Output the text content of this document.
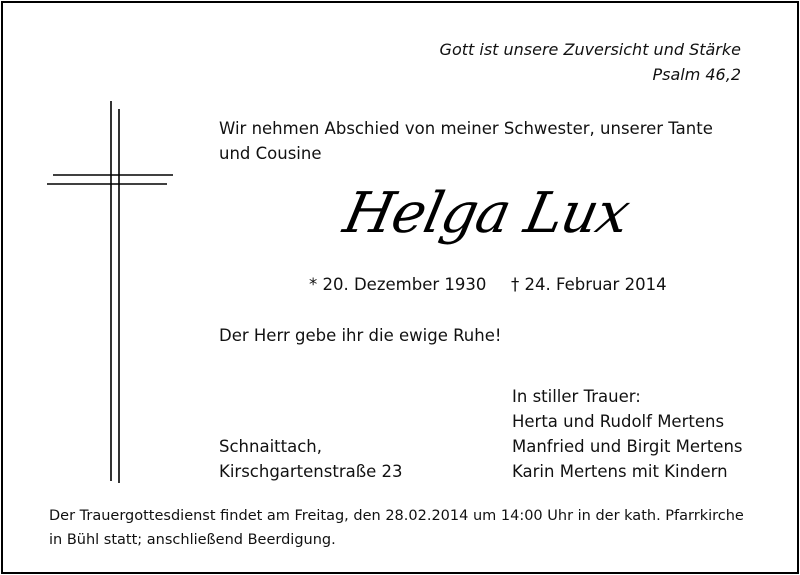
Gott ist unsere Zuversicht und Stärke
Psalm 46,2
Wir nehmen Abschied von meiner Schwester, unserer Tante
und Cousine
Helga Lux
* 20. Dezember 1930 † 24. Februar 2014
Der Herr gebe ihr die ewige Ruhe!
In stiller Trauer:
Herta und Rudolf Mertens
Manfried und Birgit Mertens
Karin Mertens mit Kindern
Schnaittach,
Kirschgartenstraße 23
Der Trauergottesdienst findet am Freitag, den 28.02.2014 um 14:00 Uhr in der kath. Pfarrkirche
in Bühl statt; anschließend Beerdigung.
